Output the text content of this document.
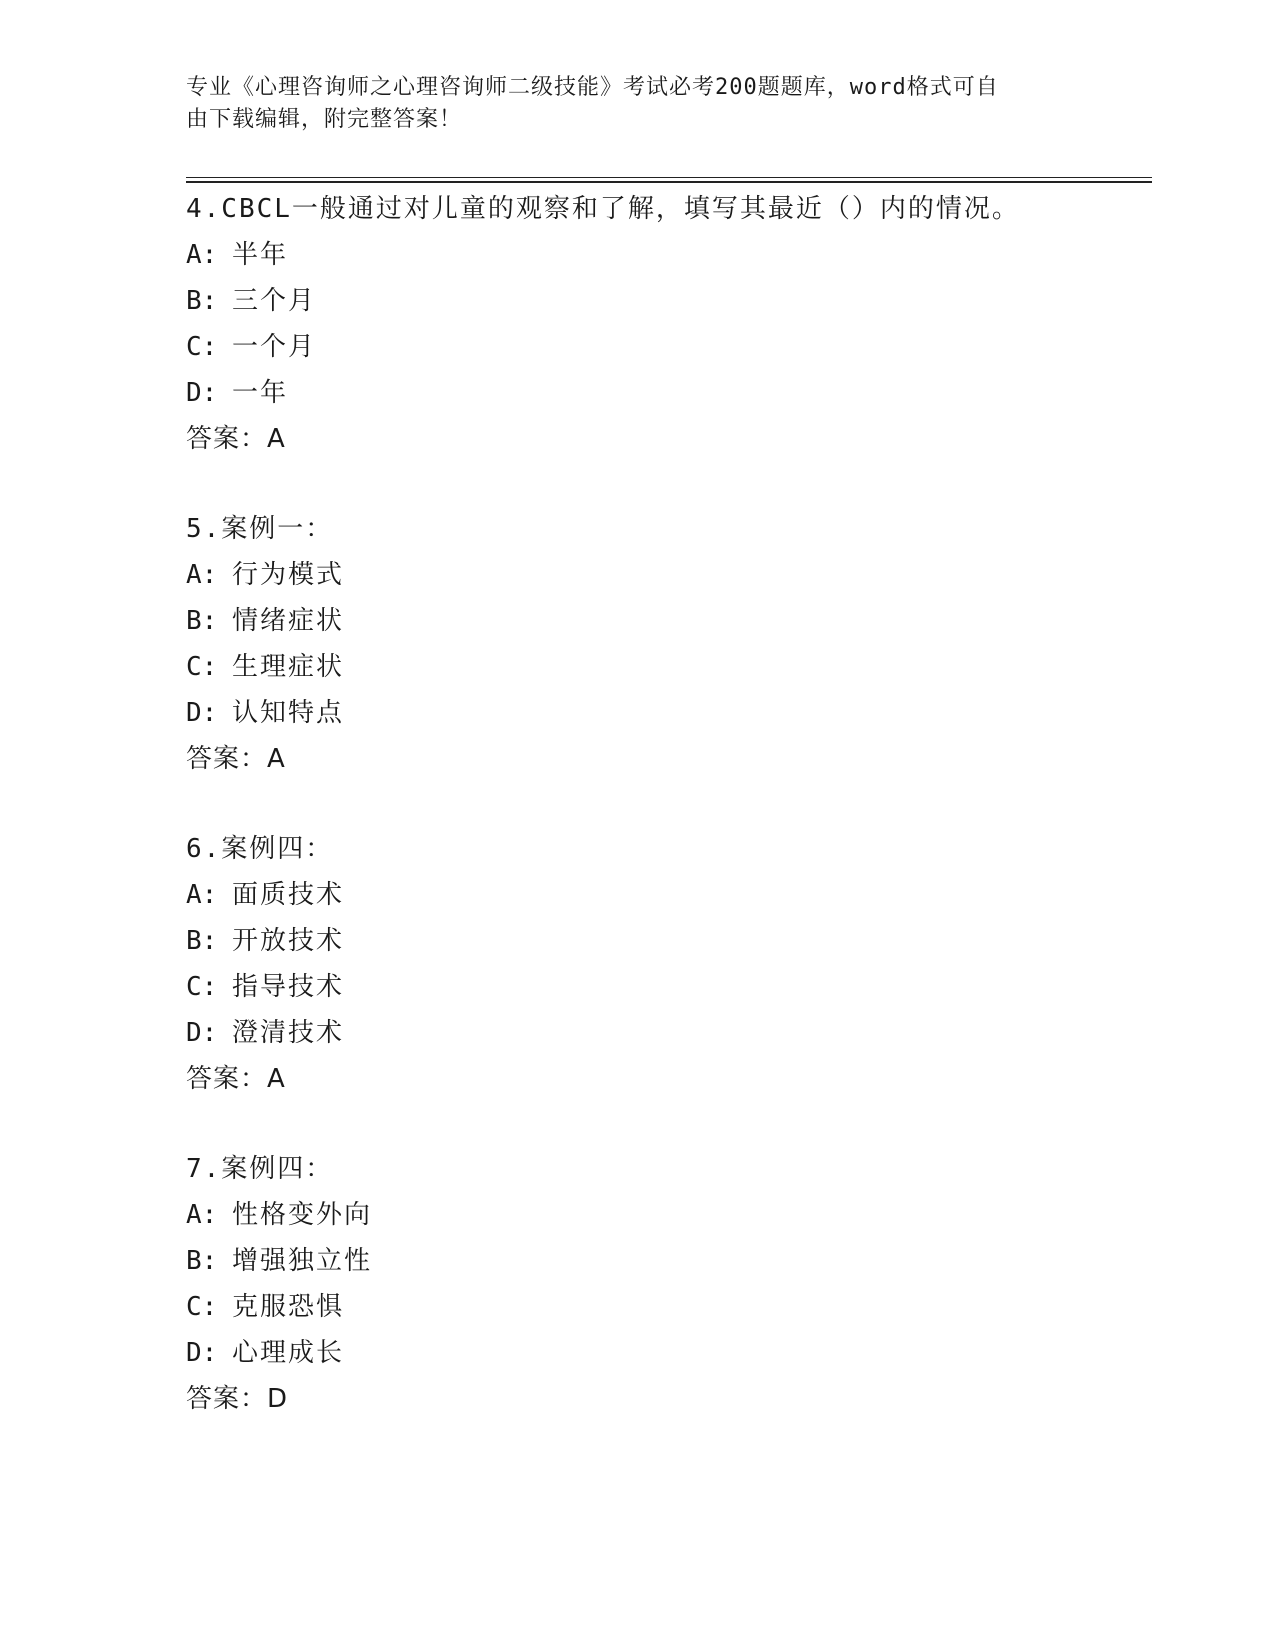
专业《心理咨询师之心理咨询师二级技能》考试必考200题题库，word格式可自
由下载编辑，附完整答案！
4.CBCL一般通过对儿童的观察和了解，填写其最近（）内的情况。
A: 半年
B: 三个月
C: 一个月
D: 一年
答案：A
5.案例一：
A: 行为模式
B: 情绪症状
C: 生理症状
D: 认知特点
答案：A
6.案例四：
A: 面质技术
B: 开放技术
C: 指导技术
D: 澄清技术
答案：A
7.案例四：
A: 性格变外向
B: 增强独立性
C: 克服恐惧
D: 心理成长
答案：D
